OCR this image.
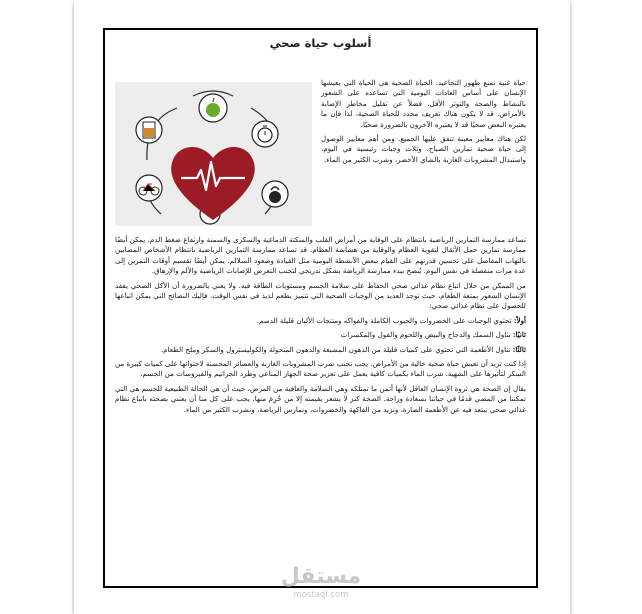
أسلوب حياة صحي

حياة غنية تمنع ظهور التجاعيد. الحياة الصحية هي الحياة التي يعيشها الإنسان على أساس العادات اليومية التي تساعده على الشعور بالنشاط والصحة والتوتر الأقل، فضلاً عن تقليل مخاطر الإصابة بالأمراض. قد لا يكون هناك تعريف محدد للحياة الصحية، لذا فإن ما يعتبره البعض صحيًا قد لا يعتبره الآخرون بالضرورة صحيًا.

لكن هناك معايير معينة تتفق عليها الجميع. ومن أهم معايير الوصول إلى حياة صحية تمارين الصباح، وثلاث وجبات رئيسية في اليوم، واستبدال المشروبات الغازية بالشاي الأخضر، وشرب الكثير من الماء.

تساعد ممارسة التمارين الرياضية بانتظام على الوقاية من أمراض القلب والسكتة الدماغية والسكري والسمنة وارتفاع ضغط الدم. يمكن أيضًا ممارسة تمارين حمل الأثقال لتقوية العظام والوقاية من هشاشة العظام. قد تساعد ممارسة التمارين الرياضية بانتظام الأشخاص المصابين بالتهاب المفاصل على تحسين قدرتهم على القيام ببعض الأنشطة اليومية مثل القيادة وصعود السلالم. يمكن أيضًا تقسيم أوقات التمرين إلى عدة مرات منفصلة في نفس اليوم. يُنصح ببدء ممارسة الرياضة بشكل تدريجي لتجنب التعرض للإصابات الرياضية والألم والإرهاق.

من الممكن من خلال اتباع نظام غذائي صحي الحفاظ على سلامة الجسم ومستويات الطاقة فيه. ولا يعني بالضرورة أن الأكل الصحي يفقد الإنسان الشعور بمتعة الطعام، حيث توجد العديد من الوجبات الصحية التي تتميز بطعم لذيذ في نفس الوقت. فإليك النصائح التي يمكن اتباعها للحصول على نظام غذائي صحي:

أولاً: تحتوي الوجبات على الخضروات والحبوب الكاملة والفواكه ومنتجات الألبان قليلة الدسم.

ثانيًا: تناول السمك والدجاج والبيض واللحوم والفول والمكسرات

ثالثًا: تناول الأطعمة التي تحتوي على كميات قليلة من الدهون المشبعة والدهون المتحولة والكوليسترول والسكر وملح الطعام.

إذا كنت تريد أن تعيش حياة صحية خالية من الأمراض. يجب تجنب شرب المشروبات الغازية والعصائر المحسنة لاحتوائها على كميات كبيرة من السكر لتأثيرها على الشهية. شرب الماء بكميات كافية يعمل على تعزيز صحة الجهاز المناعي وطرد الجراثيم والفيروسات من الجسم.

يقال إن الصحة هي ثروة الإنسان العاقل لأنها أثمن ما تمتلكه وهي السلامة والعافية من المرض، حيث أن هي الحالة الطبيعية للجسم هي التي تمكننا من المضي قدمًا في حياتنا بسعادة وراحة. الصحة كنز لا يشعر بقيمته إلا من حُرِمَ منها. يجب على كل منا أن يعتني بصحته باتباع نظام غذائي صحي نبتعد فيه عن الأطعمة الضارة، ونزيد من الفاكهة والخضروات، ونمارس الرياضة، ونشرب الكثير من الماء.

مستقل
mostaql.com
